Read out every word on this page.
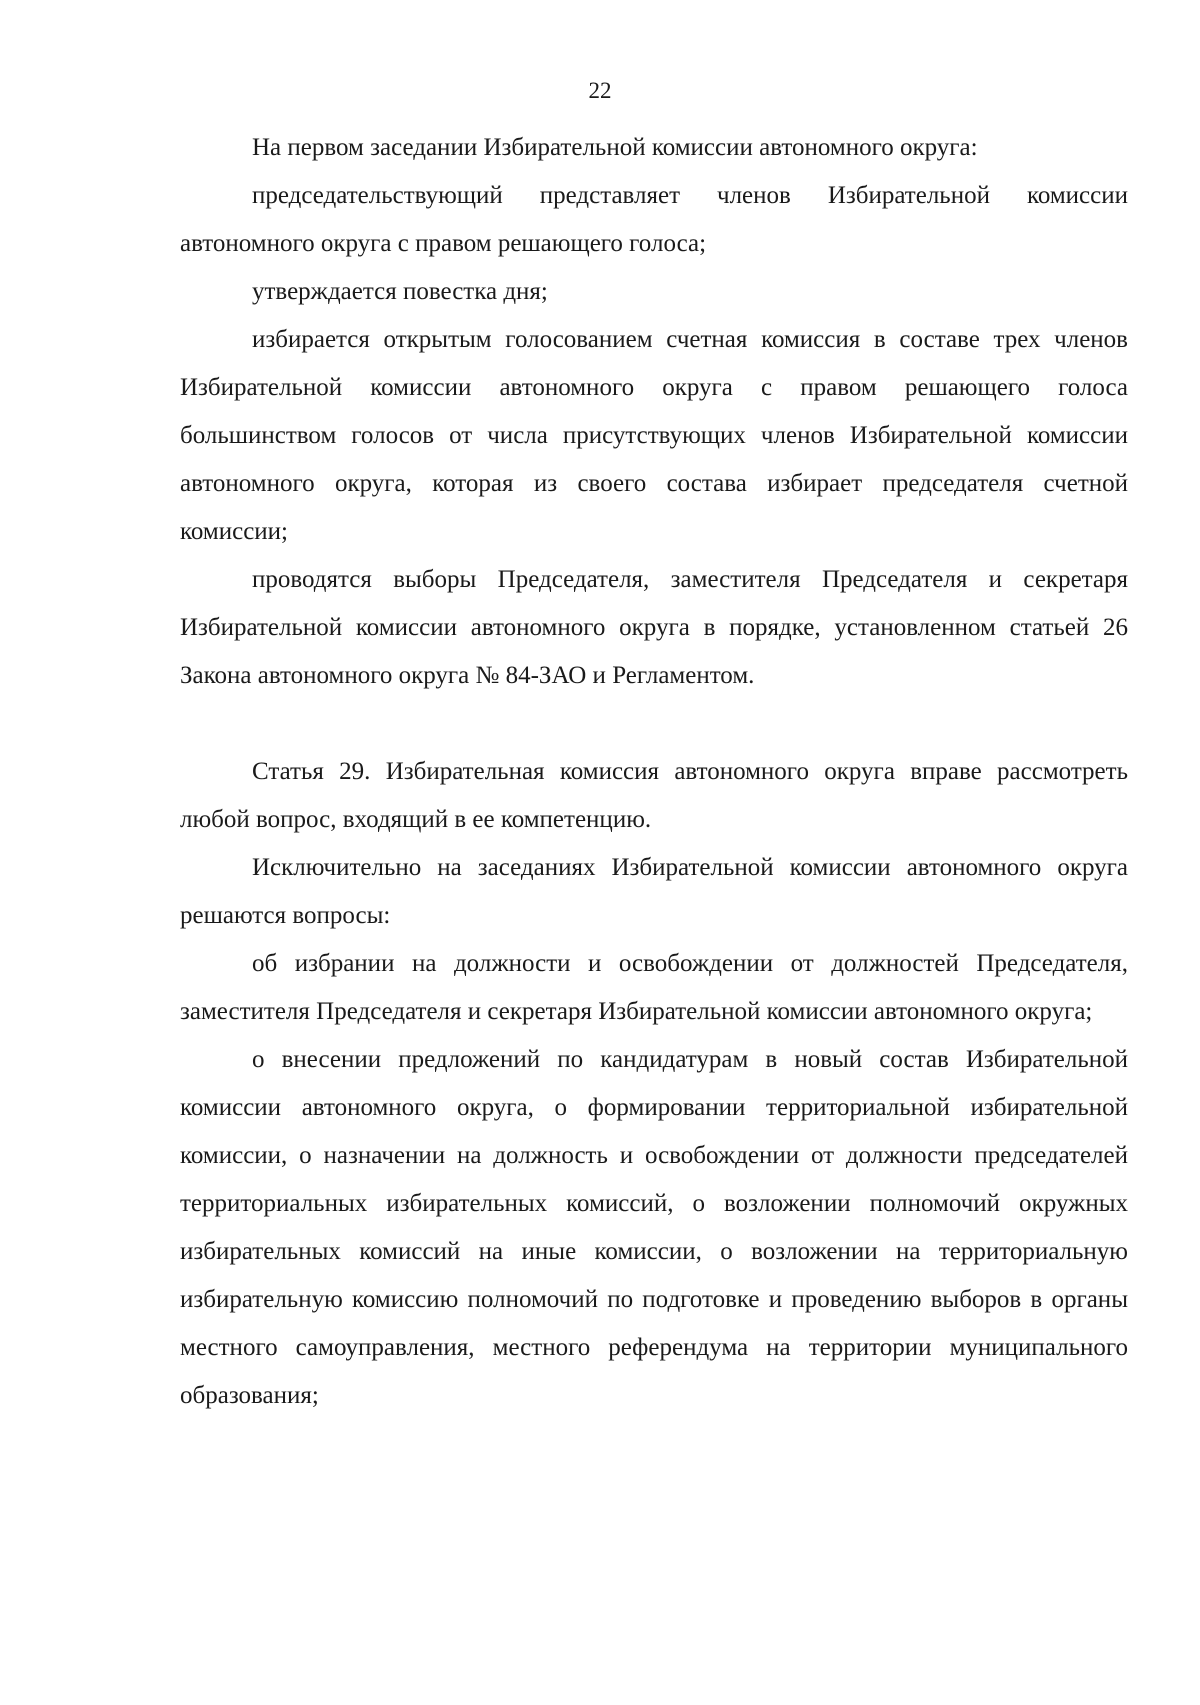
22

На первом заседании Избирательной комиссии автономного округа:

председательствующий представляет членов Избирательной комиссии автономного округа с правом решающего голоса;

утверждается повестка дня;

избирается открытым голосованием счетная комиссия в составе трех членов Избирательной комиссии автономного округа с правом решающего голоса большинством голосов от числа присутствующих членов Избирательной комиссии автономного округа, которая из своего состава избирает председателя счетной комиссии;

проводятся выборы Председателя, заместителя Председателя и секретаря Избирательной комиссии автономного округа в порядке, установленном статьей 26 Закона автономного округа № 84-ЗАО и Регламентом.

Статья 29. Избирательная комиссия автономного округа вправе рассмотреть любой вопрос, входящий в ее компетенцию.

Исключительно на заседаниях Избирательной комиссии автономного округа решаются вопросы:

об избрании на должности и освобождении от должностей Председателя, заместителя Председателя и секретаря Избирательной комиссии автономного округа;

о внесении предложений по кандидатурам в новый состав Избирательной комиссии автономного округа, о формировании территориальной избирательной комиссии, о назначении на должность и освобождении от должности председателей территориальных избирательных комиссий, о возложении полномочий окружных избирательных комиссий на иные комиссии, о возложении на территориальную избирательную комиссию полномочий по подготовке и проведению выборов в органы местного самоуправления, местного референдума на территории муниципального образования;
